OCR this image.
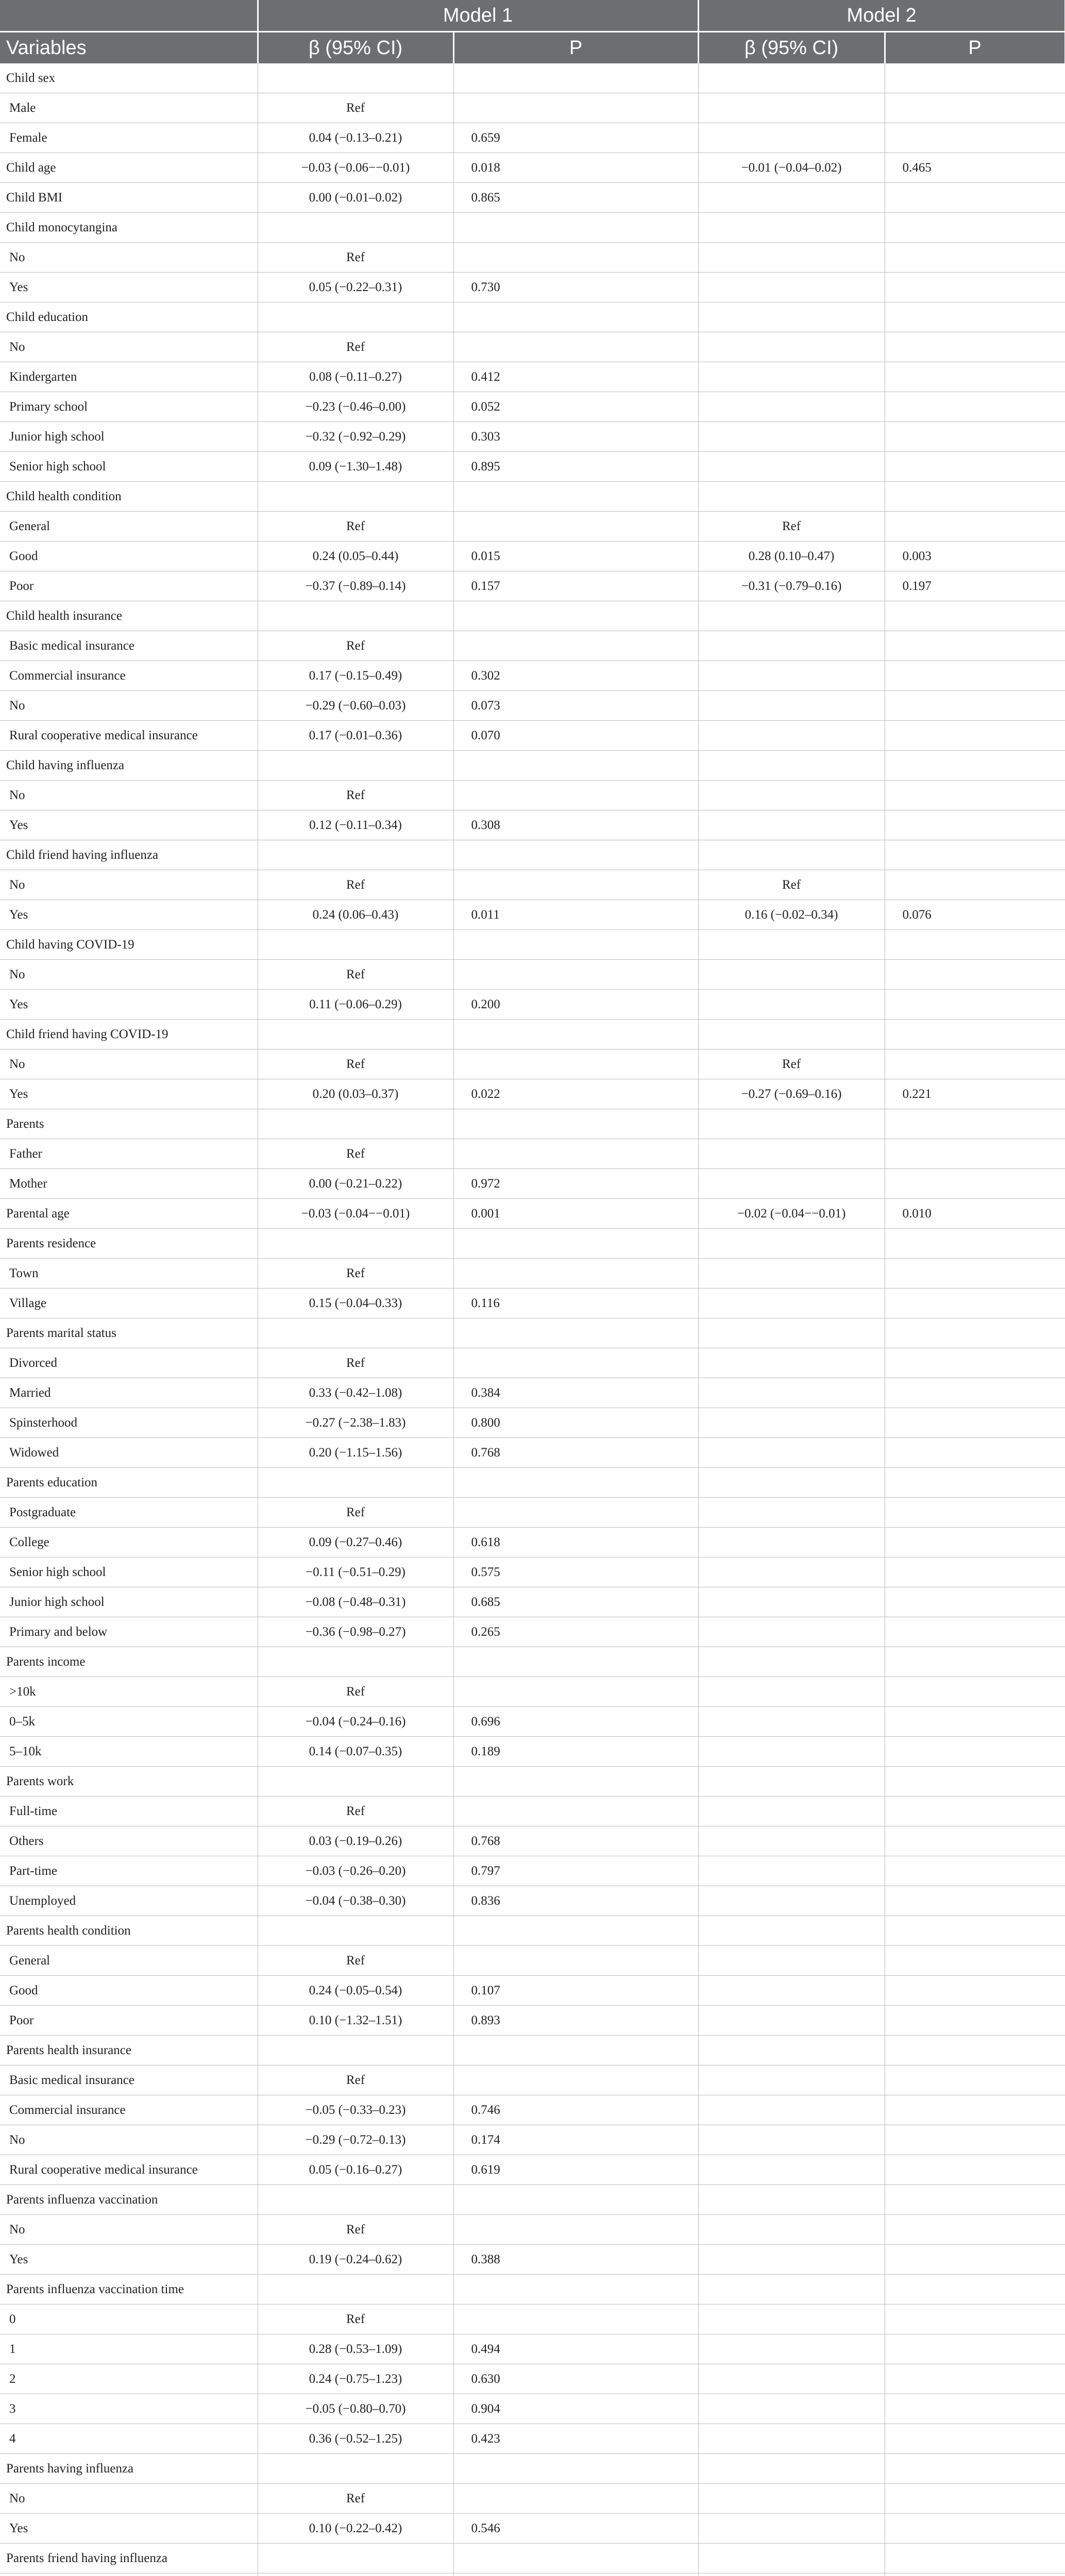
	Model 1		Model 2	
Variables	β (95% CI)	P	β (95% CI)	P
Child sex				
Male	Ref			
Female	0.04 (−0.13–0.21)	0.659		
Child age	−0.03 (−0.06−−0.01)	0.018	−0.01 (−0.04–0.02)	0.465
Child BMI	0.00 (−0.01–0.02)	0.865		
Child monocytangina				
No	Ref			
Yes	0.05 (−0.22–0.31)	0.730		
Child education				
No	Ref			
Kindergarten	0.08 (−0.11–0.27)	0.412		
Primary school	−0.23 (−0.46–0.00)	0.052		
Junior high school	−0.32 (−0.92–0.29)	0.303		
Senior high school	0.09 (−1.30–1.48)	0.895		
Child health condition				
General	Ref		Ref	
Good	0.24 (0.05–0.44)	0.015	0.28 (0.10–0.47)	0.003
Poor	−0.37 (−0.89–0.14)	0.157	−0.31 (−0.79–0.16)	0.197
Child health insurance				
Basic medical insurance	Ref			
Commercial insurance	0.17 (−0.15–0.49)	0.302		
No	−0.29 (−0.60–0.03)	0.073		
Rural cooperative medical insurance	0.17 (−0.01–0.36)	0.070		
Child having influenza				
No	Ref			
Yes	0.12 (−0.11–0.34)	0.308		
Child friend having influenza				
No	Ref		Ref	
Yes	0.24 (0.06–0.43)	0.011	0.16 (−0.02–0.34)	0.076
Child having COVID-19				
No	Ref			
Yes	0.11 (−0.06–0.29)	0.200		
Child friend having COVID-19				
No	Ref		Ref	
Yes	0.20 (0.03–0.37)	0.022	−0.27 (−0.69–0.16)	0.221
Parents				
Father	Ref			
Mother	0.00 (−0.21–0.22)	0.972		
Parental age	−0.03 (−0.04−−0.01)	0.001	−0.02 (−0.04−−0.01)	0.010
Parents residence				
Town	Ref			
Village	0.15 (−0.04–0.33)	0.116		
Parents marital status				
Divorced	Ref			
Married	0.33 (−0.42–1.08)	0.384		
Spinsterhood	−0.27 (−2.38–1.83)	0.800		
Widowed	0.20 (−1.15–1.56)	0.768		
Parents education				
Postgraduate	Ref			
College	0.09 (−0.27–0.46)	0.618		
Senior high school	−0.11 (−0.51–0.29)	0.575		
Junior high school	−0.08 (−0.48–0.31)	0.685		
Primary and below	−0.36 (−0.98–0.27)	0.265		
Parents income				
>10k	Ref			
0–5k	−0.04 (−0.24–0.16)	0.696		
5–10k	0.14 (−0.07–0.35)	0.189		
Parents work				
Full-time	Ref			
Others	0.03 (−0.19–0.26)	0.768		
Part-time	−0.03 (−0.26–0.20)	0.797		
Unemployed	−0.04 (−0.38–0.30)	0.836		
Parents health condition				
General	Ref			
Good	0.24 (−0.05–0.54)	0.107		
Poor	0.10 (−1.32–1.51)	0.893		
Parents health insurance				
Basic medical insurance	Ref			
Commercial insurance	−0.05 (−0.33–0.23)	0.746		
No	−0.29 (−0.72–0.13)	0.174		
Rural cooperative medical insurance	0.05 (−0.16–0.27)	0.619		
Parents influenza vaccination				
No	Ref			
Yes	0.19 (−0.24–0.62)	0.388		
Parents influenza vaccination time				
0	Ref			
1	0.28 (−0.53–1.09)	0.494		
2	0.24 (−0.75–1.23)	0.630		
3	−0.05 (−0.80–0.70)	0.904		
4	0.36 (−0.52–1.25)	0.423		
Parents having influenza				
No	Ref			
Yes	0.10 (−0.22–0.42)	0.546		
Parents friend having influenza				
